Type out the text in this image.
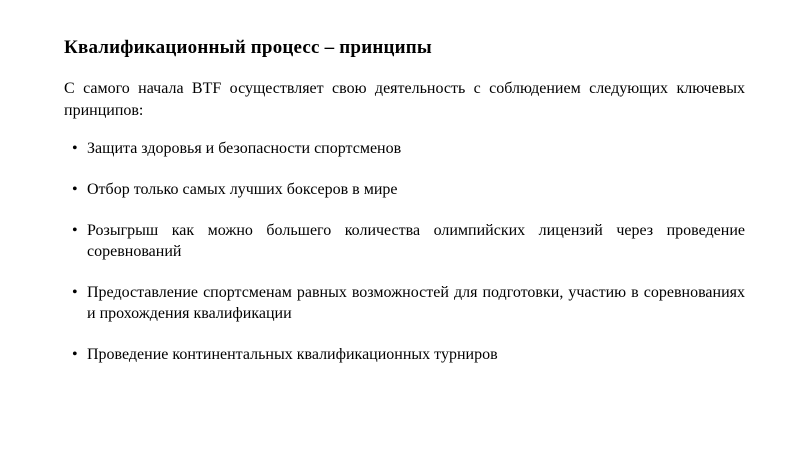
Квалификационный процесс – принципы

С самого начала BTF осуществляет свою деятельность с соблюдением следующих ключевых принципов:

• Защита здоровья и безопасности спортсменов
• Отбор только самых лучших боксеров в мире
• Розыгрыш как можно большего количества олимпийских лицензий через проведение соревнований
• Предоставление спортсменам равных возможностей для подготовки, участию в соревнованиях и прохождения квалификации
• Проведение континентальных квалификационных турниров
